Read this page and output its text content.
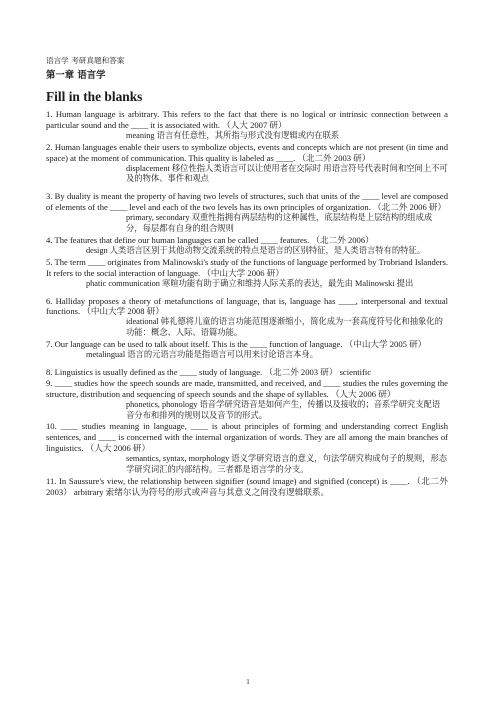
语言学 考研真题和答案

第一章 语言学

Fill in the blanks

1. Human language is arbitrary. This refers to the fact that there is no logical or intrinsic connection between a particular sound and the ____ it is associated with. （人大 2007 研）

meaning 语言有任意性，其所指与形式没有逻辑或内在联系

2. Human languages enable their users to symbolize objects, events and concepts which are not present (in time and space) at the moment of communication. This quality is labeled as ____. （北二外 2003 研）

displacement 移位性指人类语言可以让使用者在交际时 用语言符号代表时间和空间上不可及的物体、事件和观点

3. By duality is meant the property of having two levels of structures, such that units of the ____ level are composed of elements of the ____ level and each of the two levels has its own principles of organization. （北二外 2006 研）

primary, secondary 双重性指拥有两层结构的这种属性，底层结构是上层结构的组成成分，每层都有自身的组合规则

4. The features that define our human languages can be called ____ features. （北二外 2006）

design 人类语言区别于其他动物交流系统的特点是语言的区别特征，是人类语言特有的特征。

5. The term ____ originates from Malinowski's study of the functions of language performed by Trobriand Islanders. It refers to the social interaction of language. （中山大学 2006 研）

phatic communication 寒暄功能有助于确立和维持人际关系的表达，最先由 Malinowski 提出

6. Halliday proposes a theory of metafunctions of language, that is, language has ____, interpersonal and textual functions. （中山大学 2008 研）

ideational 韩礼德将儿童的语言功能范围逐渐缩小，简化成为一套高度符号化和抽象化的功能：概念、人际、语篇功能。

7. Our language can be used to talk about itself. This is the ____ function of language. （中山大学 2005 研）

metalingual 语言的元语言功能是指语言可以用来讨论语言本身。

8. Linguistics is usually defined as the ____ study of language. （北二外 2003 研） scientific

9. ____ studies how the speech sounds are made, transmitted, and received, and ____ studies the rules governing the structure, distribution and sequencing of speech sounds and the shape of syllables. （人大 2006 研）

phonetics, phonology 语音学研究语音是如何产生，传播以及接收的；音系学研究支配语音分布和排列的规则以及音节的形式。

10. ____ studies meaning in language, ____ is about principles of forming and understanding correct English sentences, and ____ is concerned with the internal organization of words. They are all among the main branches of linguistics. （人大 2006 研）

semantics, syntax, morphology 语义学研究语言的意义，句法学研究构成句子的规则，形态学研究词汇的内部结构。三者都是语言学的分支。

11. In Saussure's view, the relationship between signifier (sound image) and signified (concept) is ____. （北二外 2003） arbitrary 索绪尔认为符号的形式或声音与其意义之间没有逻辑联系。

1
